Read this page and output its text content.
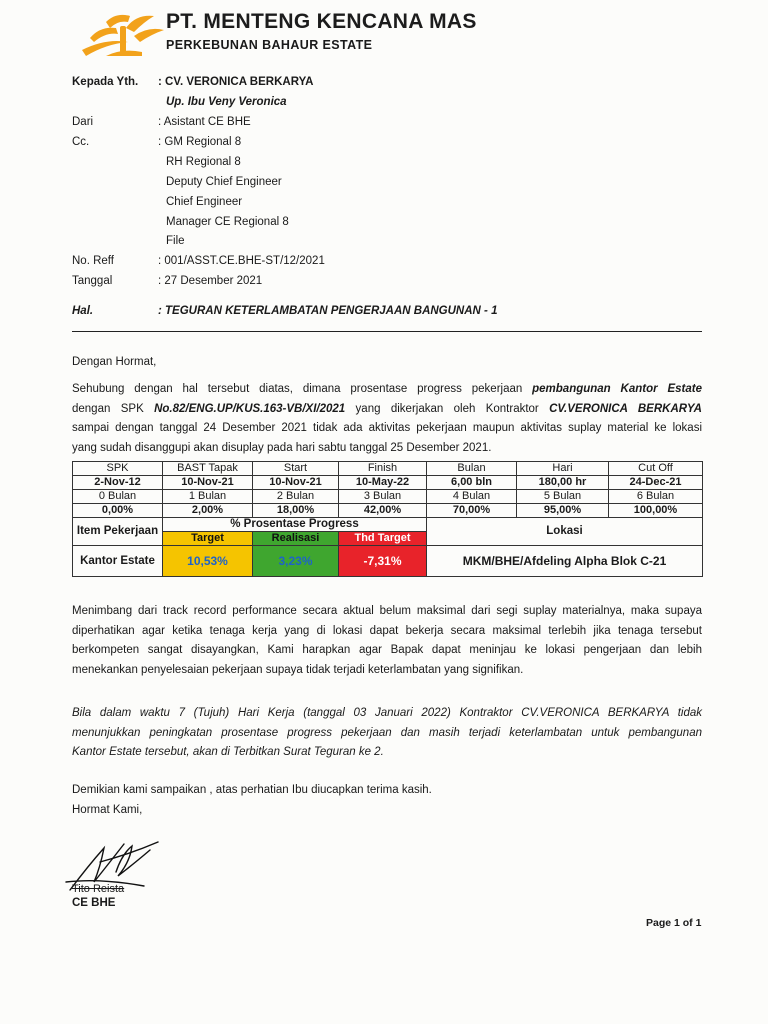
PT. MENTENG KENCANA MAS
PERKEBUNAN BAHAUR ESTATE
Kepada Yth. : CV. VERONICA BERKARYA
Up. Ibu Veny Veronica
Dari	: Asistant CE BHE
Cc.	: GM Regional 8
RH Regional 8
Deputy Chief Engineer
Chief Engineer
Manager CE Regional 8
File
No. Reff	: 001/ASST.CE.BHE-ST/12/2021
Tanggal	: 27 Desember 2021
Hal.	: TEGURAN KETERLAMBATAN PENGERJAAN BANGUNAN - 1
Dengan Hormat,
Sehubung dengan hal tersebut diatas, dimana prosentase progress pekerjaan pembangunan Kantor Estate
dengan SPK No.82/ENG.UP/KUS.163-VB/XI/2021 yang dikerjakan oleh Kontraktor CV.VERONICA BERKARYA
sampai dengan tanggal 24 Desember 2021 tidak ada aktivitas pekerjaan maupun aktivitas suplay material ke lokasi
yang sudah disanggupi akan disuplay pada hari sabtu tanggal 25 Desember 2021.
SPK	BAST Tapak	Start	Finish	Bulan	Hari	Cut Off
2-Nov-12	10-Nov-21	10-Nov-21	10-May-22	6,00 bln	180,00 hr	24-Dec-21
0 Bulan	1 Bulan	2 Bulan	3 Bulan	4 Bulan	5 Bulan	6 Bulan
0,00%	2,00%	18,00%	42,00%	70,00%	95,00%	100,00%
Item Pekerjaan	% Prosentase Progress			Lokasi		
	Target	Realisasi	Thd Target			
Kantor Estate	10,53%	3,23%	-7,31%	MKM/BHE/Afdeling Alpha Blok C-21		
Menimbang dari track record performance secara aktual belum maksimal dari segi suplay materialnya, maka supaya
diperhatikan agar ketika tenaga kerja yang di lokasi dapat bekerja secara maksimal terlebih jika tenaga tersebut
berkompeten sangat disayangkan, Kami harapkan agar Bapak dapat meninjau ke lokasi pengerjaan dan lebih
menekankan penyelesaian pekerjaan supaya tidak terjadi keterlambatan yang signifikan.
Bila dalam waktu 7 (Tujuh) Hari Kerja (tanggal 03 Januari 2022) Kontraktor CV.VERONICA BERKARYA tidak
menunjukkan peningkatan prosentase progress pekerjaan dan masih terjadi keterlambatan untuk pembangunan
Kantor Estate tersebut, akan di Terbitkan Surat Teguran ke 2.
Demikian kami sampaikan , atas perhatian Ibu diucapkan terima kasih.
Hormat Kami,
Tito Reista
CE BHE
Page 1 of 1
